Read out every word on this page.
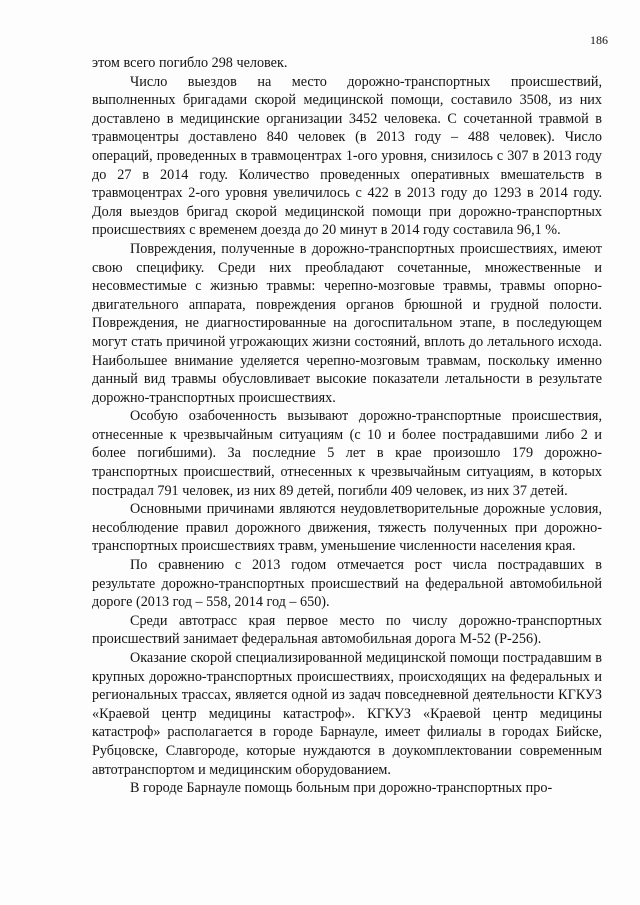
186

этом всего погибло 298 человек.

Число выездов на место дорожно-транспортных происшествий, выполненных бригадами скорой медицинской помощи, составило 3508, из них доставлено в медицинские организации 3452 человека. С сочетанной травмой в травмоцентры доставлено 840 человек (в 2013 году – 488 человек). Число операций, проведенных в травмоцентрах 1-ого уровня, снизилось с 307 в 2013 году до 27 в 2014 году. Количество проведенных оперативных вмешательств в травмоцентрах 2-ого уровня увеличилось с 422 в 2013 году до 1293 в 2014 году. Доля выездов бригад скорой медицинской помощи при дорожно-транспортных происшествиях с временем доезда до 20 минут в 2014 году составила 96,1 %.

Повреждения, полученные в дорожно-транспортных происшествиях, имеют свою специфику. Среди них преобладают сочетанные, множественные и несовместимые с жизнью травмы: черепно-мозговые травмы, травмы опорно-двигательного аппарата, повреждения органов брюшной и грудной полости. Повреждения, не диагностированные на догоспитальном этапе, в последующем могут стать причиной угрожающих жизни состояний, вплоть до летального исхода. Наибольшее внимание уделяется черепно-мозговым травмам, поскольку именно данный вид травмы обусловливает высокие показатели летальности в результате дорожно-транспортных происшествиях.

Особую озабоченность вызывают дорожно-транспортные происшествия, отнесенные к чрезвычайным ситуациям (с 10 и более пострадавшими либо 2 и более погибшими). За последние 5 лет в крае произошло 179 дорожно-транспортных происшествий, отнесенных к чрезвычайным ситуациям, в которых пострадал 791 человек, из них 89 детей, погибли 409 человек, из них 37 детей.

Основными причинами являются неудовлетворительные дорожные условия, несоблюдение правил дорожного движения, тяжесть полученных при дорожно-транспортных происшествиях травм, уменьшение численности населения края.

По сравнению с 2013 годом отмечается рост числа пострадавших в результате дорожно-транспортных происшествий на федеральной автомобильной дороге (2013 год – 558, 2014 год – 650).

Среди автотрасс края первое место по числу дорожно-транспортных происшествий занимает федеральная автомобильная дорога М-52 (Р-256).

Оказание скорой специализированной медицинской помощи пострадавшим в крупных дорожно-транспортных происшествиях, происходящих на федеральных и региональных трассах, является одной из задач повседневной деятельности КГКУЗ «Краевой центр медицины катастроф». КГКУЗ «Краевой центр медицины катастроф» располагается в городе Барнауле, имеет филиалы в городах Бийске, Рубцовске, Славгороде, которые нуждаются в доукомплектовании современным автотранспортом и медицинским оборудованием.

В городе Барнауле помощь больным при дорожно-транспортных про-
